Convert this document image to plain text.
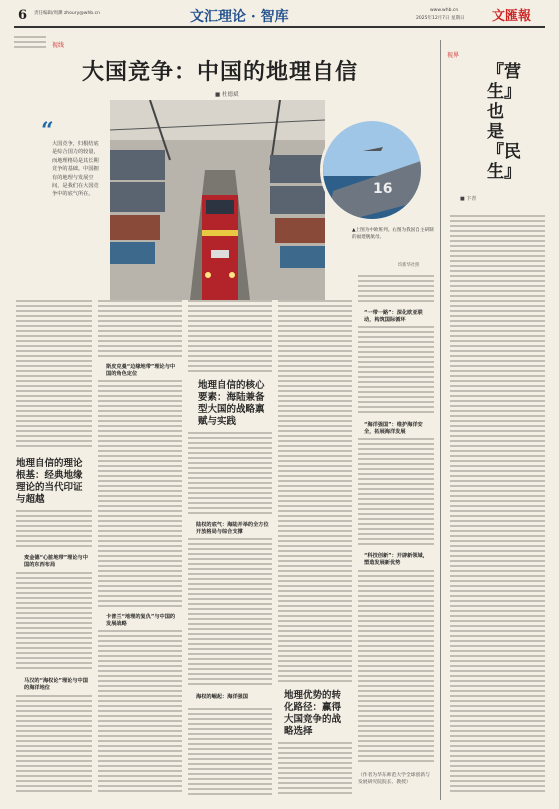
6 责任编辑/周渊 zhoury@whb.cn	文汇理论 · 智库	www.whb.cn
2025年12月7日 星期日 文匯報
视线
大国竞争：中国的地理自信
■ 杜德斌
“
大国竞争，归根结底是综合国力的较量，而地理格局是其长期竞争的基础。中国拥有的地理与发展空间，是我们在大国竞争中的底气所在。	16
▲上图为中欧班列。右图为我国自主研制的福建舰航母。
均新华社照
地理自信的理论根基：经典地缘理论的当代印证与超越
麦金德“心脏地带”理论与中国的东西布局
马汉的“海权论”理论与中国的海洋地位
斯皮克曼“边缘地带”理论与中国的角色定位
卡普兰“地理的复仇”与中国的发展战略
地理自信的核心要素：海陆兼备型大国的战略禀赋与实践
陆权的底气：海陆并举的全方位开放格局与综合支撑
海权的崛起：海洋强国	地理优势的转化路径：赢得大国竞争的战略选择
“一带一路”：深化欧亚联动，构筑国际循环
“海洋强国”：维护海洋安全，拓展海洋发展
“科技创新”：开辟新领域，塑造发展新优势
（作者为华东师范大学全球创新与发展研究院院长、教授）
视界
『营生』也是『民生』
■ 卞青
